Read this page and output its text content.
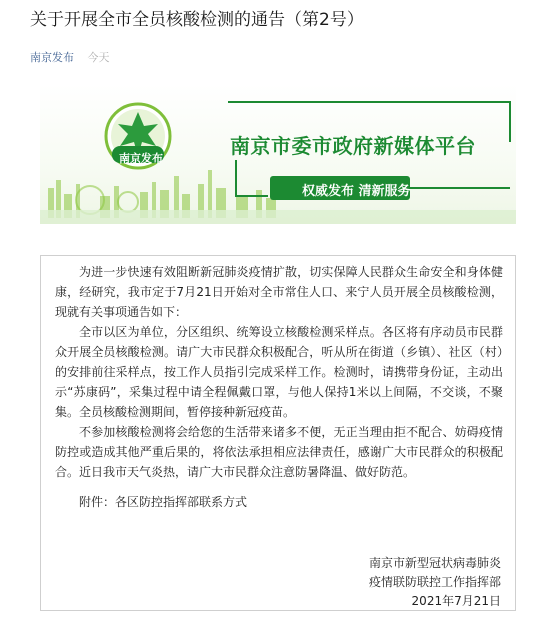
关于开展全市全员核酸检测的通告（第2号）
南京发布 今天
南京发布
南京市委市政府新媒体平台
权威发布 清新服务

为进一步快速有效阻断新冠肺炎疫情扩散，切实保障人民群众生命安全和身体健康，经研究，我市定于7月21日开始对全市常住人口、来宁人员开展全员核酸检测，现就有关事项通告如下：

全市以区为单位，分区组织、统筹设立核酸检测采样点。各区将有序动员市民群众开展全员核酸检测。请广大市民群众积极配合，听从所在街道（乡镇）、社区（村）的安排前往采样点，按工作人员指引完成采样工作。检测时，请携带身份证，主动出示“苏康码”，采集过程中请全程佩戴口罩，与他人保持1米以上间隔，不交谈，不聚集。全员核酸检测期间，暂停接种新冠疫苗。

不参加核酸检测将会给您的生活带来诸多不便，无正当理由拒不配合、妨碍疫情防控或造成其他严重后果的，将依法承担相应法律责任，感谢广大市民群众的积极配合。近日我市天气炎热，请广大市民群众注意防暑降温、做好防范。

附件：各区防控指挥部联系方式

南京市新型冠状病毒肺炎
疫情联防联控工作指挥部
2021年7月21日
